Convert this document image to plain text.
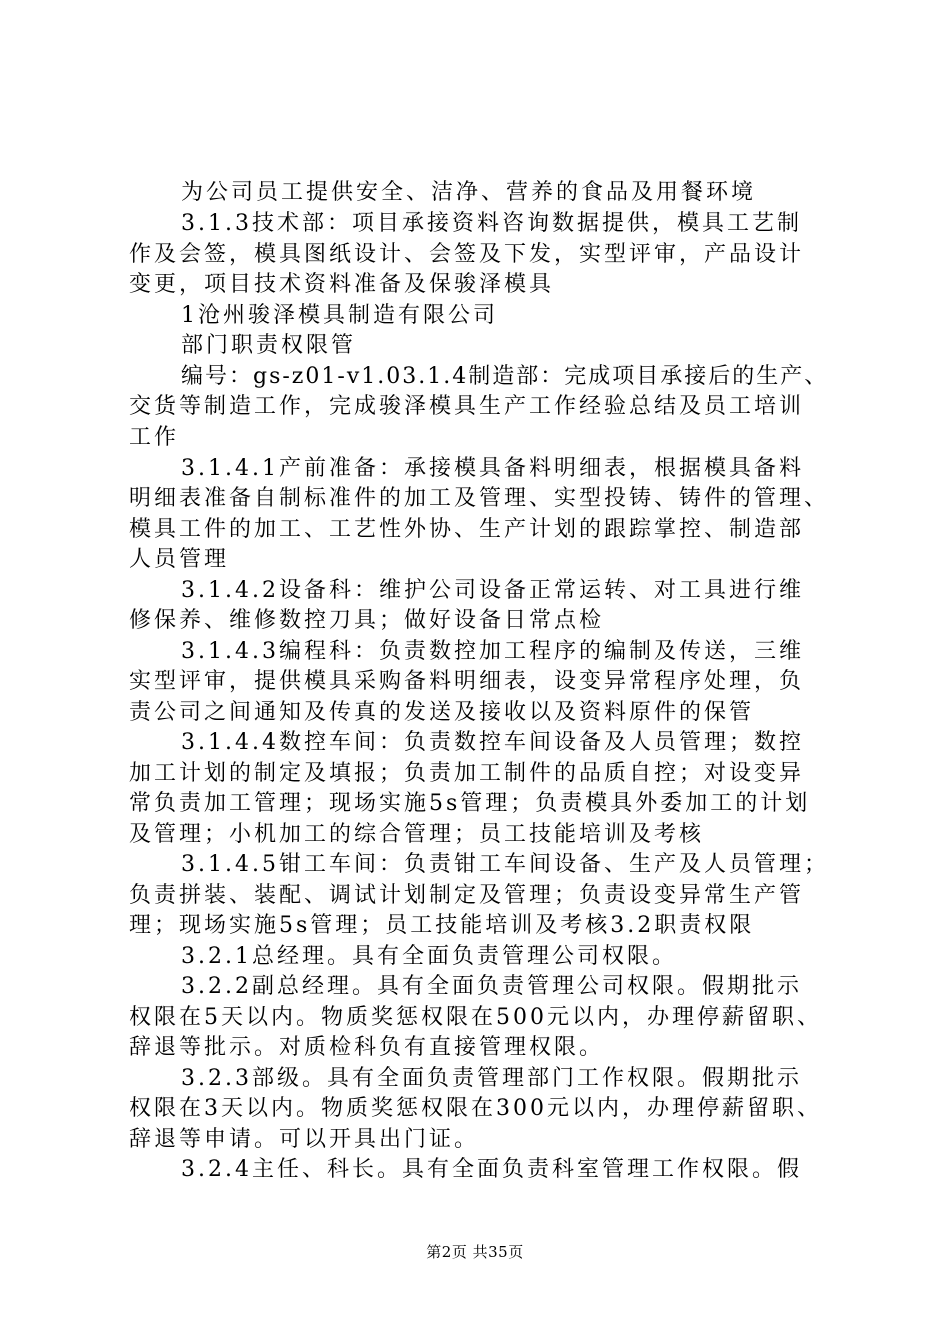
为公司员工提供安全、洁净、营养的食品及用餐环境
3.1.3技术部：项目承接资料咨询数据提供，模具工艺制
作及会签，模具图纸设计、会签及下发，实型评审，产品设计
变更，项目技术资料准备及保骏泽模具
1沧州骏泽模具制造有限公司
部门职责权限管
编号：gs-z01-v1.03.1.4制造部：完成项目承接后的生产、
交货等制造工作，完成骏泽模具生产工作经验总结及员工培训
工作
3.1.4.1产前准备：承接模具备料明细表，根据模具备料
明细表准备自制标准件的加工及管理、实型投铸、铸件的管理、
模具工件的加工、工艺性外协、生产计划的跟踪掌控、制造部
人员管理
3.1.4.2设备科：维护公司设备正常运转、对工具进行维
修保养、维修数控刀具；做好设备日常点检
3.1.4.3编程科：负责数控加工程序的编制及传送，三维
实型评审，提供模具采购备料明细表，设变异常程序处理，负
责公司之间通知及传真的发送及接收以及资料原件的保管
3.1.4.4数控车间：负责数控车间设备及人员管理；数控
加工计划的制定及填报；负责加工制件的品质自控；对设变异
常负责加工管理；现场实施5s管理；负责模具外委加工的计划
及管理；小机加工的综合管理；员工技能培训及考核
3.1.4.5钳工车间：负责钳工车间设备、生产及人员管理；
负责拼装、装配、调试计划制定及管理；负责设变异常生产管
理；现场实施5s管理；员工技能培训及考核3.2职责权限
3.2.1总经理。具有全面负责管理公司权限。
3.2.2副总经理。具有全面负责管理公司权限。假期批示
权限在5天以内。物质奖惩权限在500元以内，办理停薪留职、
辞退等批示。对质检科负有直接管理权限。
3.2.3部级。具有全面负责管理部门工作权限。假期批示
权限在3天以内。物质奖惩权限在300元以内，办理停薪留职、
辞退等申请。可以开具出门证。
3.2.4主任、科长。具有全面负责科室管理工作权限。假
第2页 共35页
